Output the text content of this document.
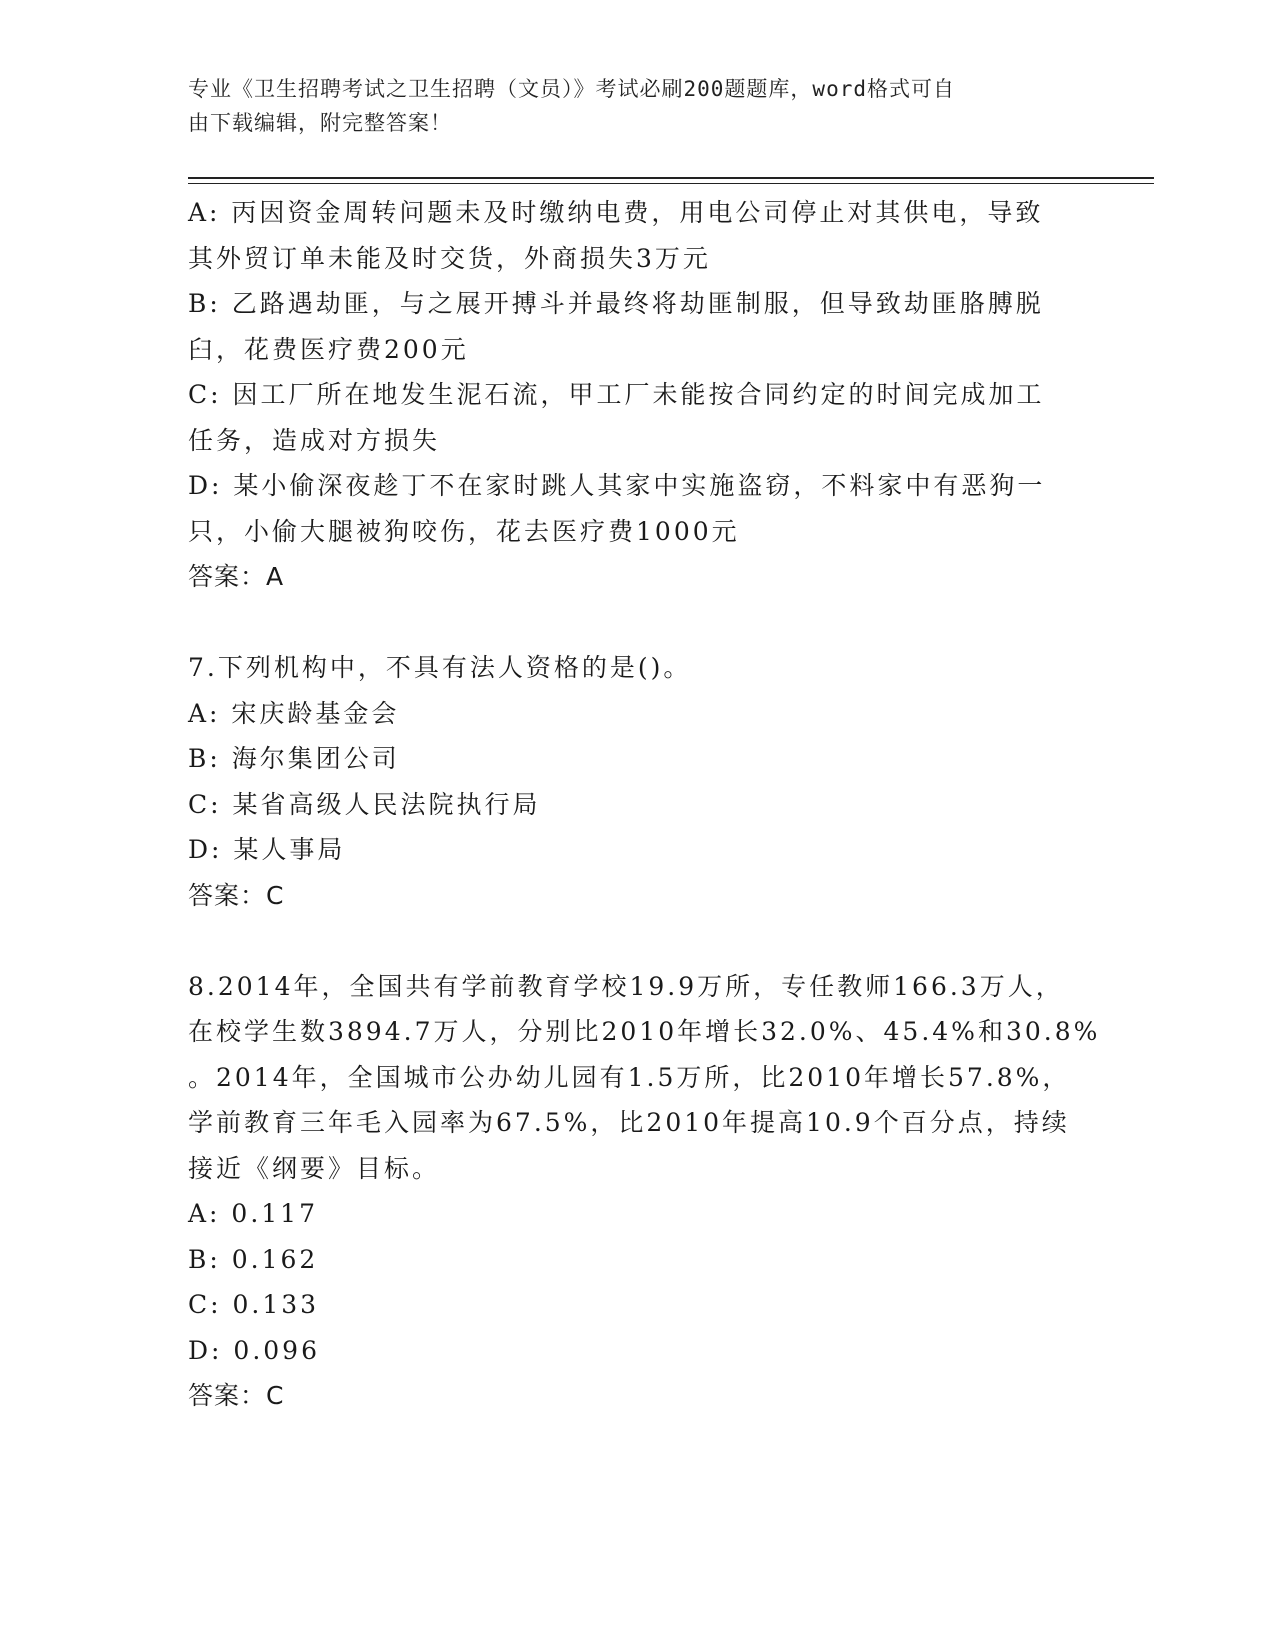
专业《卫生招聘考试之卫生招聘（文员）》考试必刷200题题库，word格式可自
由下载编辑，附完整答案！
A: 丙因资金周转问题未及时缴纳电费，用电公司停止对其供电，导致
其外贸订单未能及时交货，外商损失3万元
B: 乙路遇劫匪，与之展开搏斗并最终将劫匪制服，但导致劫匪胳膊脱
臼，花费医疗费200元
C: 因工厂所在地发生泥石流，甲工厂未能按合同约定的时间完成加工
任务，造成对方损失
D: 某小偷深夜趁丁不在家时跳人其家中实施盗窃，不料家中有恶狗一
只，小偷大腿被狗咬伤，花去医疗费1000元
答案：A
7.下列机构中，不具有法人资格的是()。
A: 宋庆龄基金会
B: 海尔集团公司
C: 某省高级人民法院执行局
D: 某人事局
答案：C
8.2014年，全国共有学前教育学校19.9万所，专任教师166.3万人，
在校学生数3894.7万人，分别比2010年增长32.0%、45.4%和30.8%
。2014年，全国城市公办幼儿园有1.5万所，比2010年增长57.8%，
学前教育三年毛入园率为67.5%，比2010年提高10.9个百分点，持续
接近《纲要》目标。
A: 0.117
B: 0.162
C: 0.133
D: 0.096
答案：C
